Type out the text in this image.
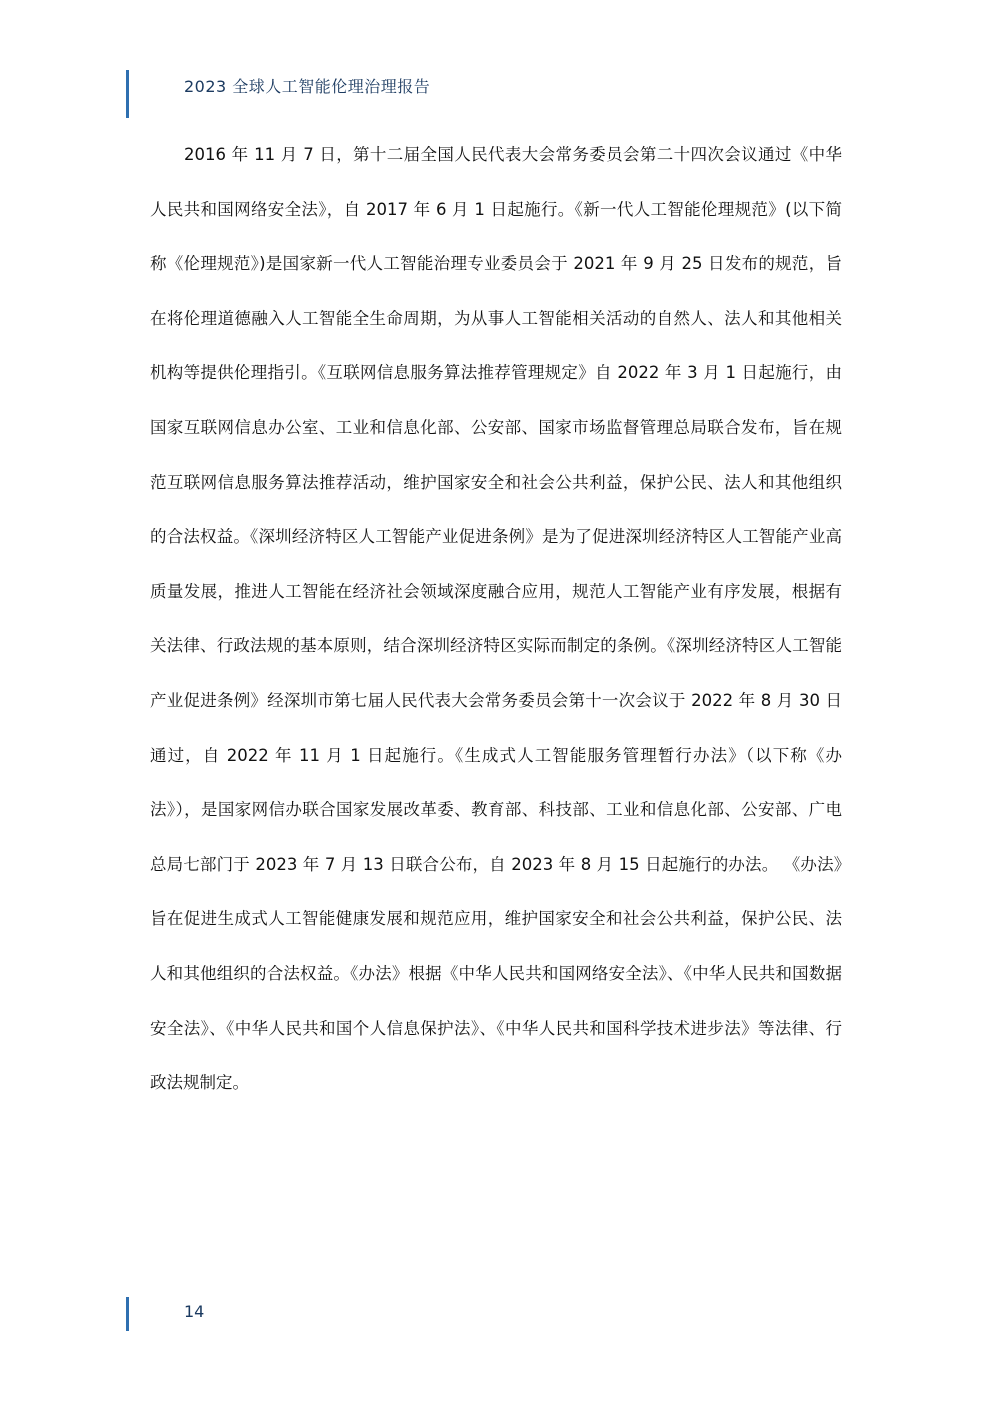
2023 全球人工智能伦理治理报告

2016 年 11 月 7 日，第十二届全国人民代表大会常务委员会第二十四次会议通过《中华人民共和国网络安全法》，自 2017 年 6 月 1 日起施行。《新一代人工智能伦理规范》(以下简称《伦理规范》)是国家新一代人工智能治理专业委员会于 2021 年 9 月 25 日发布的规范，旨在将伦理道德融入人工智能全生命周期，为从事人工智能相关活动的自然人、法人和其他相关机构等提供伦理指引。《互联网信息服务算法推荐管理规定》自 2022 年 3 月 1 日起施行，由国家互联网信息办公室、工业和信息化部、公安部、国家市场监督管理总局联合发布，旨在规范互联网信息服务算法推荐活动，维护国家安全和社会公共利益，保护公民、法人和其他组织的合法权益。《深圳经济特区人工智能产业促进条例》是为了促进深圳经济特区人工智能产业高质量发展，推进人工智能在经济社会领域深度融合应用，规范人工智能产业有序发展，根据有关法律、行政法规的基本原则，结合深圳经济特区实际而制定的条例。《深圳经济特区人工智能产业促进条例》经深圳市第七届人民代表大会常务委员会第十一次会议于 2022 年 8 月 30 日通过，自 2022 年 11 月 1 日起施行。《生成式人工智能服务管理暂行办法》（以下称《办法》），是国家网信办联合国家发展改革委、教育部、科技部、工业和信息化部、公安部、广电总局七部门于 2023 年 7 月 13 日联合公布，自 2023 年 8 月 15 日起施行的办法。 《办法》旨在促进生成式人工智能健康发展和规范应用，维护国家安全和社会公共利益，保护公民、法人和其他组织的合法权益。《办法》根据《中华人民共和国网络安全法》、《中华人民共和国数据安全法》、《中华人民共和国个人信息保护法》、《中华人民共和国科学技术进步法》等法律、行政法规制定。

14
